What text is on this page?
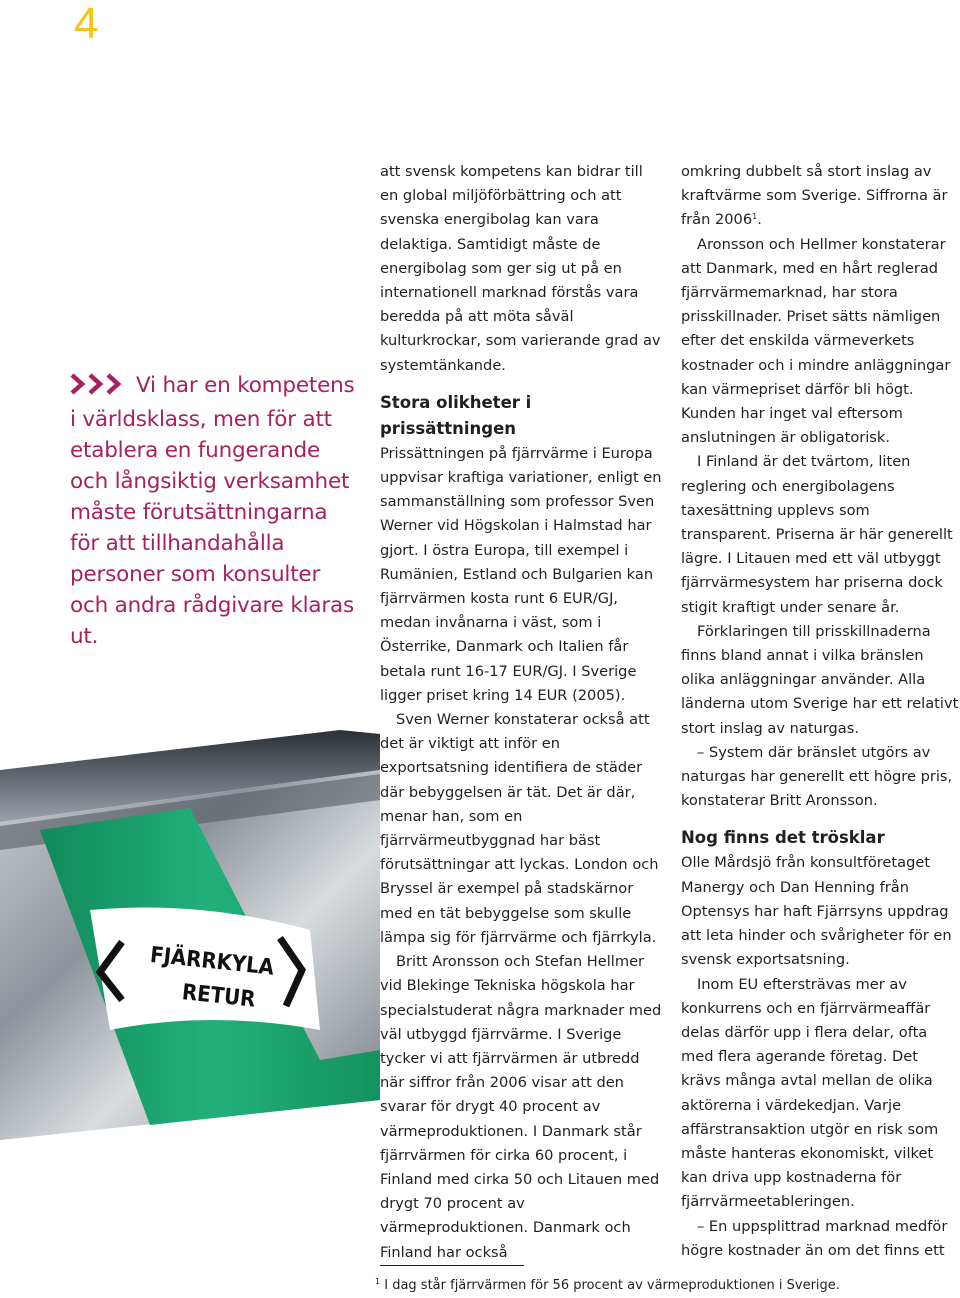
4
Vi har en kompetens i världsklass, men för att etablera en fungerande och långsiktig verksamhet måste förutsättningarna för att tillhandahålla personer som konsulter och andra rådgivare klaras ut.
FJÄRRKYLA
RETUR

att svensk kompetens kan bidrar till en global miljöförbättring och att svenska energibolag kan vara delaktiga. Samtidigt måste de energibolag som ger sig ut på en internationell marknad förstås vara beredda på att möta såväl kulturkrockar, som varierande grad av systemtänkande.

Stora olikheter i prissättningen

Prissättningen på fjärrvärme i Europa uppvisar kraftiga variationer, enligt en sammanställning som professor Sven Werner vid Högskolan i Halmstad har gjort. I östra Europa, till exempel i Rumänien, Estland och Bulgarien kan fjärrvärmen kosta runt 6 EUR/GJ, medan invånarna i väst, som i Österrike, Danmark och Italien får betala runt 16-17 EUR/GJ. I Sverige ligger priset kring 14 EUR (2005).

Sven Werner konstaterar också att det är viktigt att inför en exportsatsning identifiera de städer där bebyggelsen är tät. Det är där, menar han, som en fjärrvärmeutbyggnad har bäst förutsättningar att lyckas. London och Bryssel är exempel på stadskärnor med en tät bebyggelse som skulle lämpa sig för fjärrvärme och fjärrkyla.

Britt Aronsson och Stefan Hellmer vid Blekinge Tekniska högskola har specialstuderat några marknader med väl utbyggd fjärrvärme. I Sverige tycker vi att fjärrvärmen är utbredd när siffror från 2006 visar att den svarar för drygt 40 procent av värmeproduktionen. I Danmark står fjärrvärmen för cirka 60 procent, i Finland med cirka 50 och Litauen med drygt 70 procent av värmeproduktionen. Danmark och Finland har också

omkring dubbelt så stort inslag av kraftvärme som Sverige. Siffrorna är från 2006$^1$.

Aronsson och Hellmer konstaterar att Danmark, med en hårt reglerad fjärrvärmemarknad, har stora prisskillnader. Priset sätts nämligen efter det enskilda värmeverkets kostnader och i mindre anläggningar kan värmepriset därför bli högt. Kunden har inget val eftersom anslutningen är obligatorisk.

I Finland är det tvärtom, liten reglering och energibolagens taxesättning upplevs som transparent. Priserna är här generellt lägre. I Litauen med ett väl utbyggt fjärrvärmesystem har priserna dock stigit kraftigt under senare år.

Förklaringen till prisskillnaderna finns bland annat i vilka bränslen olika anläggningar använder. Alla länderna utom Sverige har ett relativt stort inslag av naturgas.

– System där bränslet utgörs av naturgas har generellt ett högre pris, konstaterar Britt Aronsson.

Nog finns det trösklar

Olle Mårdsjö från konsultföretaget Manergy och Dan Henning från Optensys har haft Fjärrsyns uppdrag att leta hinder och svårigheter för en svensk exportsatsning.

Inom EU eftersträvas mer av konkurrens och en fjärrvärmeaffär delas därför upp i flera delar, ofta med flera agerande företag. Det krävs många avtal mellan de olika aktörerna i värdekedjan. Varje affärstransaktion utgör en risk som måste hanteras ekonomiskt, vilket kan driva upp kostnaderna för fjärrvärmeetableringen.

– En uppsplittrad marknad medför högre kostnader än om det finns ett

$^1$ I dag står fjärrvärmen för 56 procent av värmeproduktionen i Sverige.
